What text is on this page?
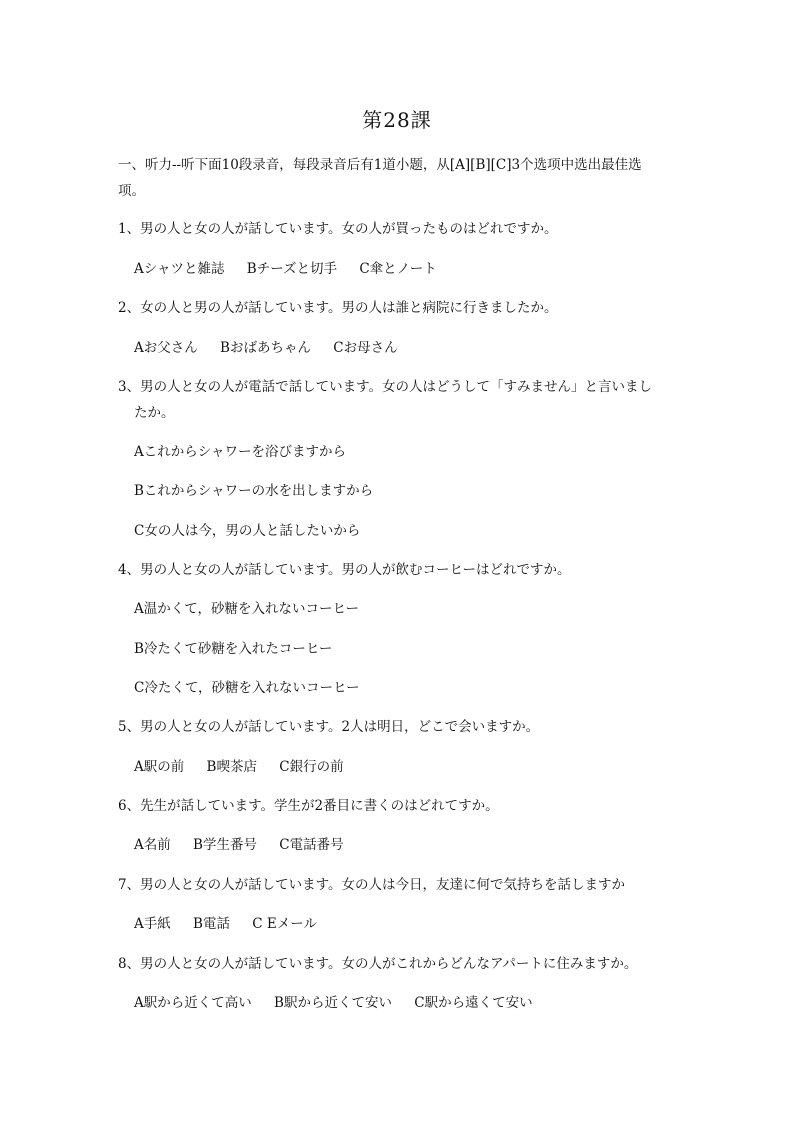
第28課
一、听力--听下面10段录音，每段录音后有1道小题，从[A][B][C]3个选项中选出最佳选
项。
1、男の人と女の人が話しています。女の人が買ったものはどれですか。
Aシャツと雑誌 Bチーズと切手 C傘とノート
2、女の人と男の人が話しています。男の人は誰と病院に行きましたか。
Aお父さん Bおばあちゃん Cお母さん
3、男の人と女の人が電話で話しています。女の人はどうして「すみません」と言いまし
たか。
Aこれからシャワーを浴びますから
Bこれからシャワーの水を出しますから
C女の人は今，男の人と話したいから
4、男の人と女の人が話しています。男の人が飲むコーヒーはどれですか。
A温かくて，砂糖を入れないコーヒー
B冷たくて砂糖を入れたコーヒー
C冷たくて，砂糖を入れないコーヒー
5、男の人と女の人が話しています。2人は明日，どこで会いますか。
A駅の前 B喫茶店 C銀行の前
6、先生が話しています。学生が2番目に書くのはどれてすか。
A名前 B学生番号 C電話番号
7、男の人と女の人が話しています。女の人は今日，友達に何で気持ちを話しますか
A手紙 B電話 C Eメール
8、男の人と女の人が話しています。女の人がこれからどんなアパートに住みますか。
A駅から近くて高い B駅から近くて安い C駅から遠くて安い
